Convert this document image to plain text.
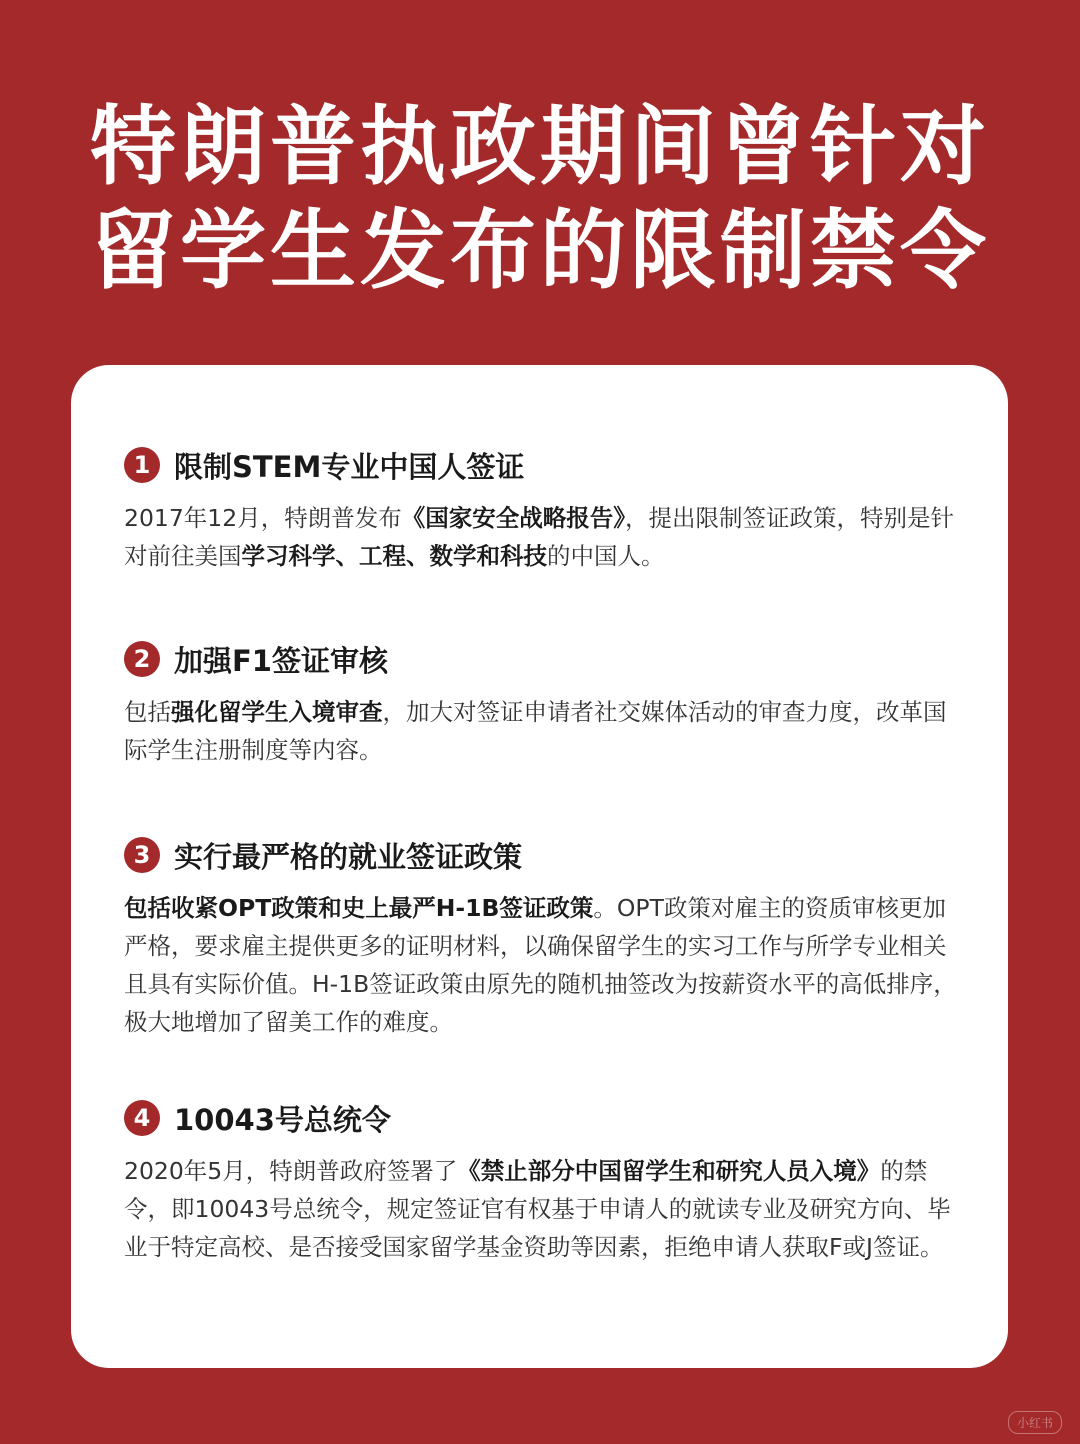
特朗普执政期间曾针对
留学生发布的限制禁令
1 限制STEM专业中国人签证
2017年12月，特朗普发布《国家安全战略报告》，提出限制签证政策，特别是针对前往美国学习科学、工程、数学和科技的中国人。
2 加强F1签证审核
包括强化留学生入境审查，加大对签证申请者社交媒体活动的审查力度，改革国际学生注册制度等内容。
3 实行最严格的就业签证政策
包括收紧OPT政策和史上最严H-1B签证政策。OPT政策对雇主的资质审核更加严格，要求雇主提供更多的证明材料，以确保留学生的实习工作与所学专业相关且具有实际价值。H-1B签证政策由原先的随机抽签改为按薪资水平的高低排序，极大地增加了留美工作的难度。
4 10043号总统令
2020年5月，特朗普政府签署了《禁止部分中国留学生和研究人员入境》的禁令，即10043号总统令，规定签证官有权基于申请人的就读专业及研究方向、毕业于特定高校、是否接受国家留学基金资助等因素，拒绝申请人获取F或J签证。
小红书
